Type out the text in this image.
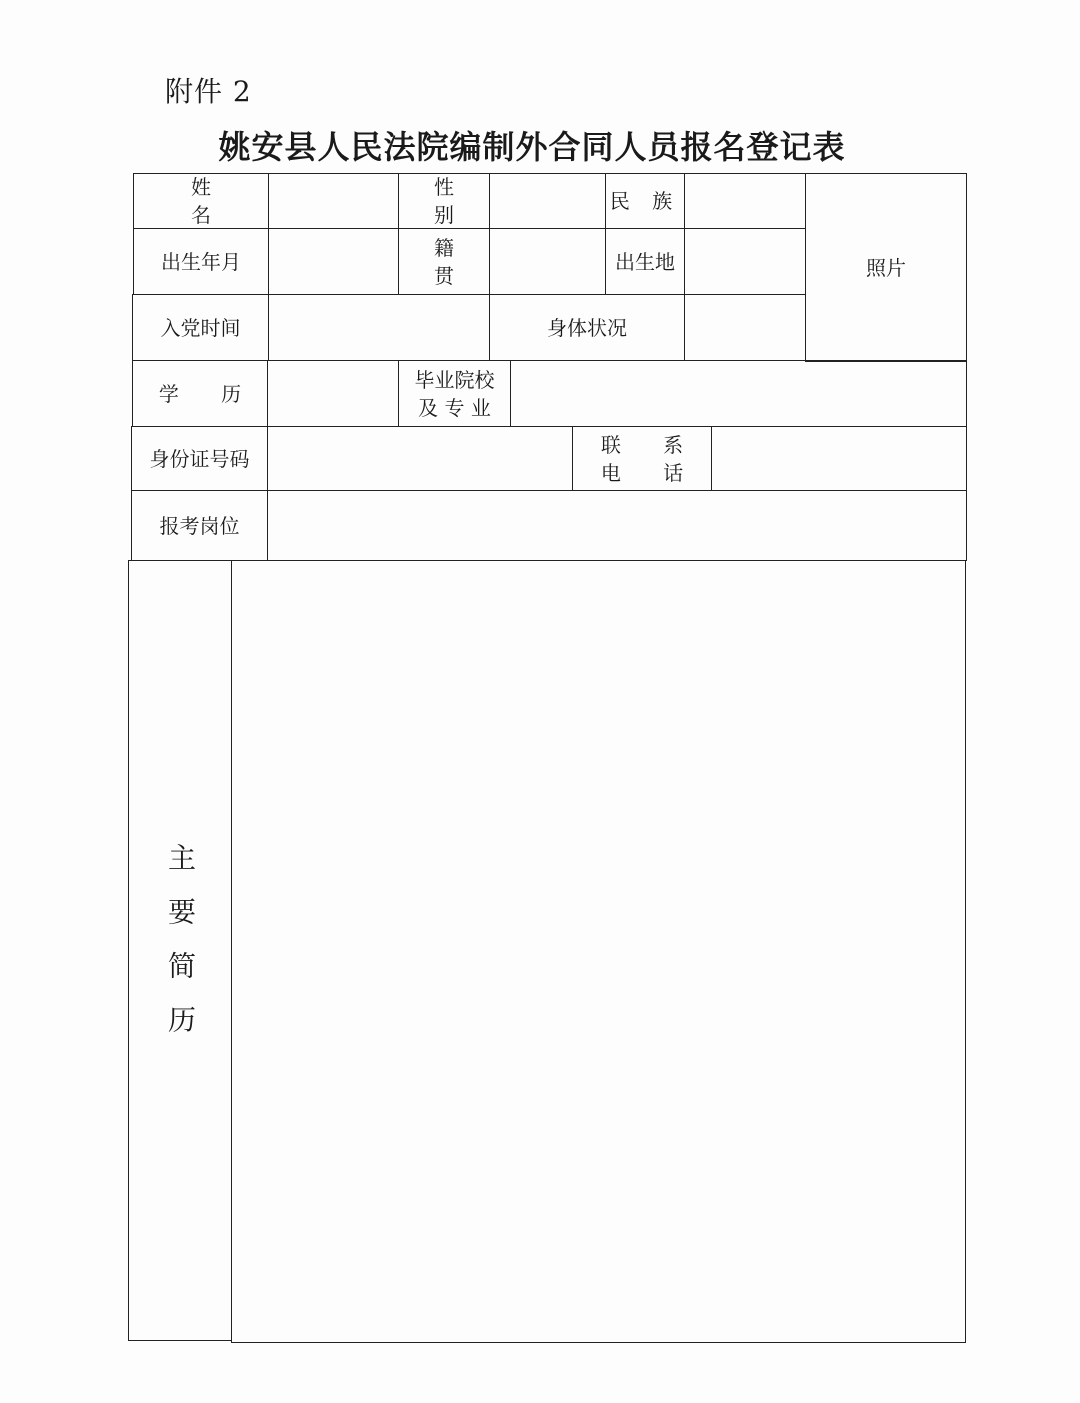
附件 2
姚安县人民法院编制外合同人员报名登记表
姓 名
性 别
民 族
照片
出生年月
籍 贯
出生地
入党时间	身体状况
学 历
毕业院校
及 专 业
身份证号码
联 系
电 话
报考岗位
主要简历
